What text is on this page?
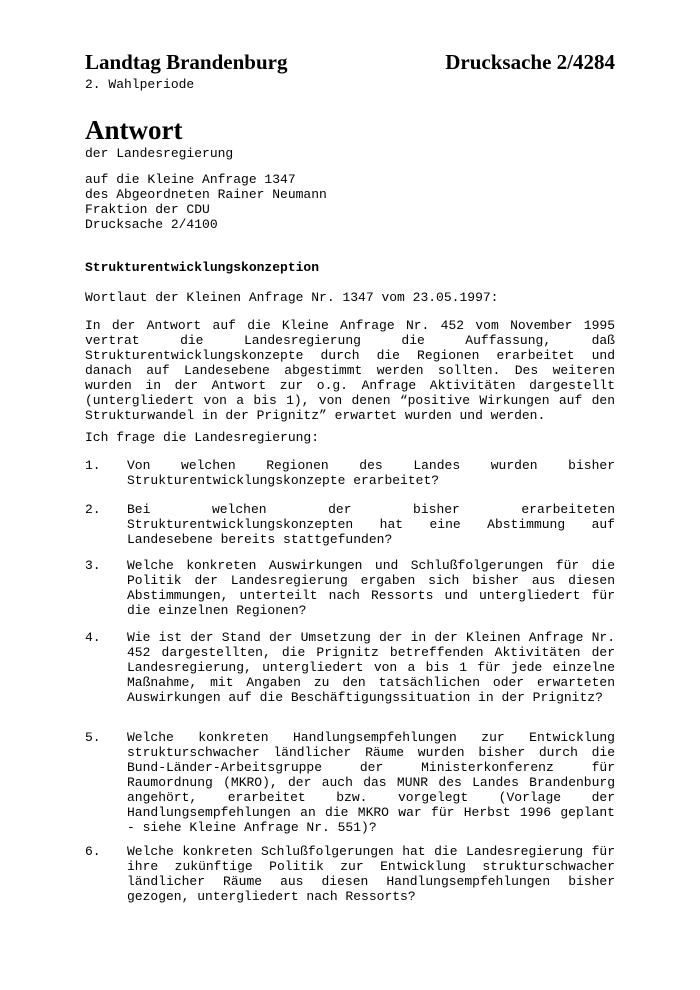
Landtag Brandenburg	Drucksache 2/4284
2. Wahlperiode
Antwort
der Landesregierung
auf die Kleine Anfrage 1347
des Abgeordneten Rainer Neumann
Fraktion der CDU
Drucksache 2/4100
Strukturentwicklungskonzeption
Wortlaut der Kleinen Anfrage Nr. 1347 vom 23.05.1997:

In der Antwort auf die Kleine Anfrage Nr. 452 vom November 1995 vertrat die Landesregierung die Auffassung, daß Strukturentwicklungskonzepte durch die Regionen erarbeitet und danach auf Landesebene abgestimmt werden sollten. Des weiteren wurden in der Antwort zur o.g. Anfrage Aktivitäten dargestellt (untergliedert von a bis 1), von denen “positive Wirkungen auf den Strukturwandel in der Prignitz” erwartet wurden und werden.

Ich frage die Landesregierung:
1. Von welchen Regionen des Landes wurden bisher Strukturentwicklungskonzepte erarbeitet?
2. Bei welchen der bisher erarbeiteten Strukturentwicklungskonzepten hat eine Abstimmung auf Landesebene bereits stattgefunden?
3. Welche konkreten Auswirkungen und Schlußfolgerungen für die Politik der Landesregierung ergaben sich bisher aus diesen Abstimmungen, unterteilt nach Ressorts und untergliedert für die einzelnen Regionen?
4. Wie ist der Stand der Umsetzung der in der Kleinen Anfrage Nr. 452 dargestellten, die Prignitz betreffenden Aktivitäten der Landesregierung, untergliedert von a bis 1 für jede einzelne Maßnahme, mit Angaben zu den tatsächlichen oder erwarteten Auswirkungen auf die Beschäftigungssituation in der Prignitz?
5. Welche konkreten Handlungsempfehlungen zur Entwicklung strukturschwacher ländlicher Räume wurden bisher durch die Bund-Länder-Arbeitsgruppe der Ministerkonferenz für Raumordnung (MKRO), der auch das MUNR des Landes Brandenburg angehört, erarbeitet bzw. vorgelegt (Vorlage der Handlungsempfehlungen an die MKRO war für Herbst 1996 geplant - siehe Kleine Anfrage Nr. 551)?
6. Welche konkreten Schlußfolgerungen hat die Landesregierung für ihre zukünftige Politik zur Entwicklung strukturschwacher ländlicher Räume aus diesen Handlungsempfehlungen bisher gezogen, untergliedert nach Ressorts?
